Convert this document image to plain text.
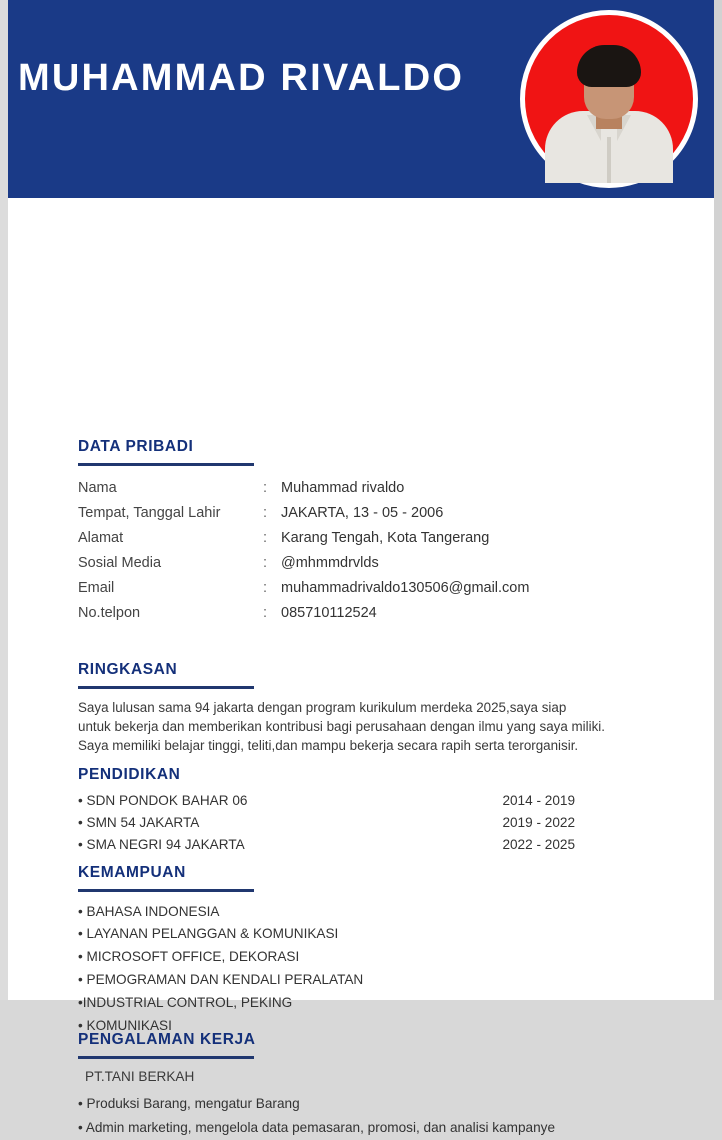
MUHAMMAD RIVALDO
DATA PRIBADI
Nama	:	Muhammad rivaldo
Tempat, Tanggal Lahir	:	JAKARTA, 13 - 05 - 2006
Alamat	:	Karang Tengah, Kota Tangerang
Sosial Media	:	@mhmmdrvlds
Email	:	muhammadrivaldo130506@gmail.com
No.telpon	:	085710112524
RINGKASAN
Saya lulusan sama 94 jakarta dengan program kurikulum merdeka 2025,saya siap
untuk bekerja dan memberikan kontribusi bagi perusahaan dengan ilmu yang saya miliki.
Saya memiliki belajar tinggi, teliti,dan mampu bekerja secara rapih serta terorganisir.
PENDIDIKAN
• SDN PONDOK BAHAR 06	2014 - 2019
• SMN 54 JAKARTA	2019 - 2022
• SMA NEGRI 94 JAKARTA	2022 - 2025
KEMAMPUAN
• BAHASA INDONESIA
• LAYANAN PELANGGAN & KOMUNIKASI
• MICROSOFT OFFICE, DEKORASI
• PEMOGRAMAN DAN KENDALI PERALATAN
•INDUSTRIAL CONTROL, PEKING
• KOMUNIKASI
PENGALAMAN KERJA
PT.TANI BERKAH
• Produksi Barang, mengatur Barang
• Admin marketing, mengelola data pemasaran, promosi, dan analisi kampanye
